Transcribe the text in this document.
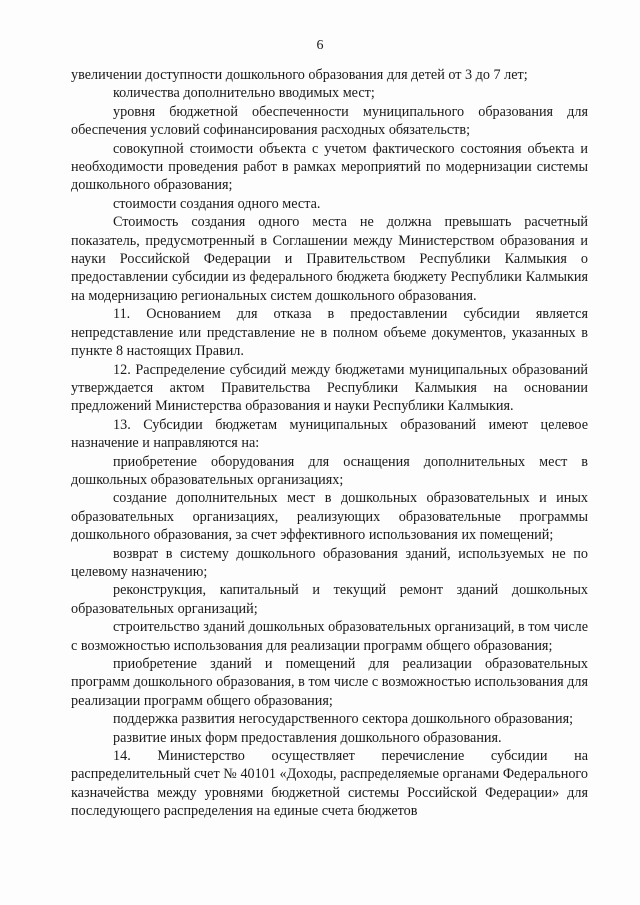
6

увеличении доступности дошкольного образования для детей от 3 до 7 лет;

количества дополнительно вводимых мест;

уровня бюджетной обеспеченности муниципального образования для обеспечения условий софинансирования расходных обязательств;

совокупной стоимости объекта с учетом фактического состояния объекта и необходимости проведения работ в рамках мероприятий по модернизации системы дошкольного образования;

стоимости создания одного места.

Стоимость создания одного места не должна превышать расчетный показатель, предусмотренный в Соглашении между Министерством образования и науки Российской Федерации и Правительством Республики Калмыкия о предоставлении субсидии из федерального бюджета бюджету Республики Калмыкия на модернизацию региональных систем дошкольного образования.

11. Основанием для отказа в предоставлении субсидии является непредставление или представление не в полном объеме документов, указанных в пункте 8 настоящих Правил.

12. Распределение субсидий между бюджетами муниципальных образований утверждается актом Правительства Республики Калмыкия на основании предложений Министерства образования и науки Республики Калмыкия.

13. Субсидии бюджетам муниципальных образований имеют целевое назначение и направляются на:

приобретение оборудования для оснащения дополнительных мест в дошкольных образовательных организациях;

создание дополнительных мест в дошкольных образовательных и иных образовательных организациях, реализующих образовательные программы дошкольного образования, за счет эффективного использования их помещений;

возврат в систему дошкольного образования зданий, используемых не по целевому назначению;

реконструкция, капитальный и текущий ремонт зданий дошкольных образовательных организаций;

строительство зданий дошкольных образовательных организаций, в том числе с возможностью использования для реализации программ общего образования;

приобретение зданий и помещений для реализации образовательных программ дошкольного образования, в том числе с возможностью использования для реализации программ общего образования;

поддержка развития негосударственного сектора дошкольного образования;

развитие иных форм предоставления дошкольного образования.

14. Министерство осуществляет перечисление субсидии на распределительный счет № 40101 «Доходы, распределяемые органами Федерального казначейства между уровнями бюджетной системы Российской Федерации» для последующего распределения на единые счета бюджетов
